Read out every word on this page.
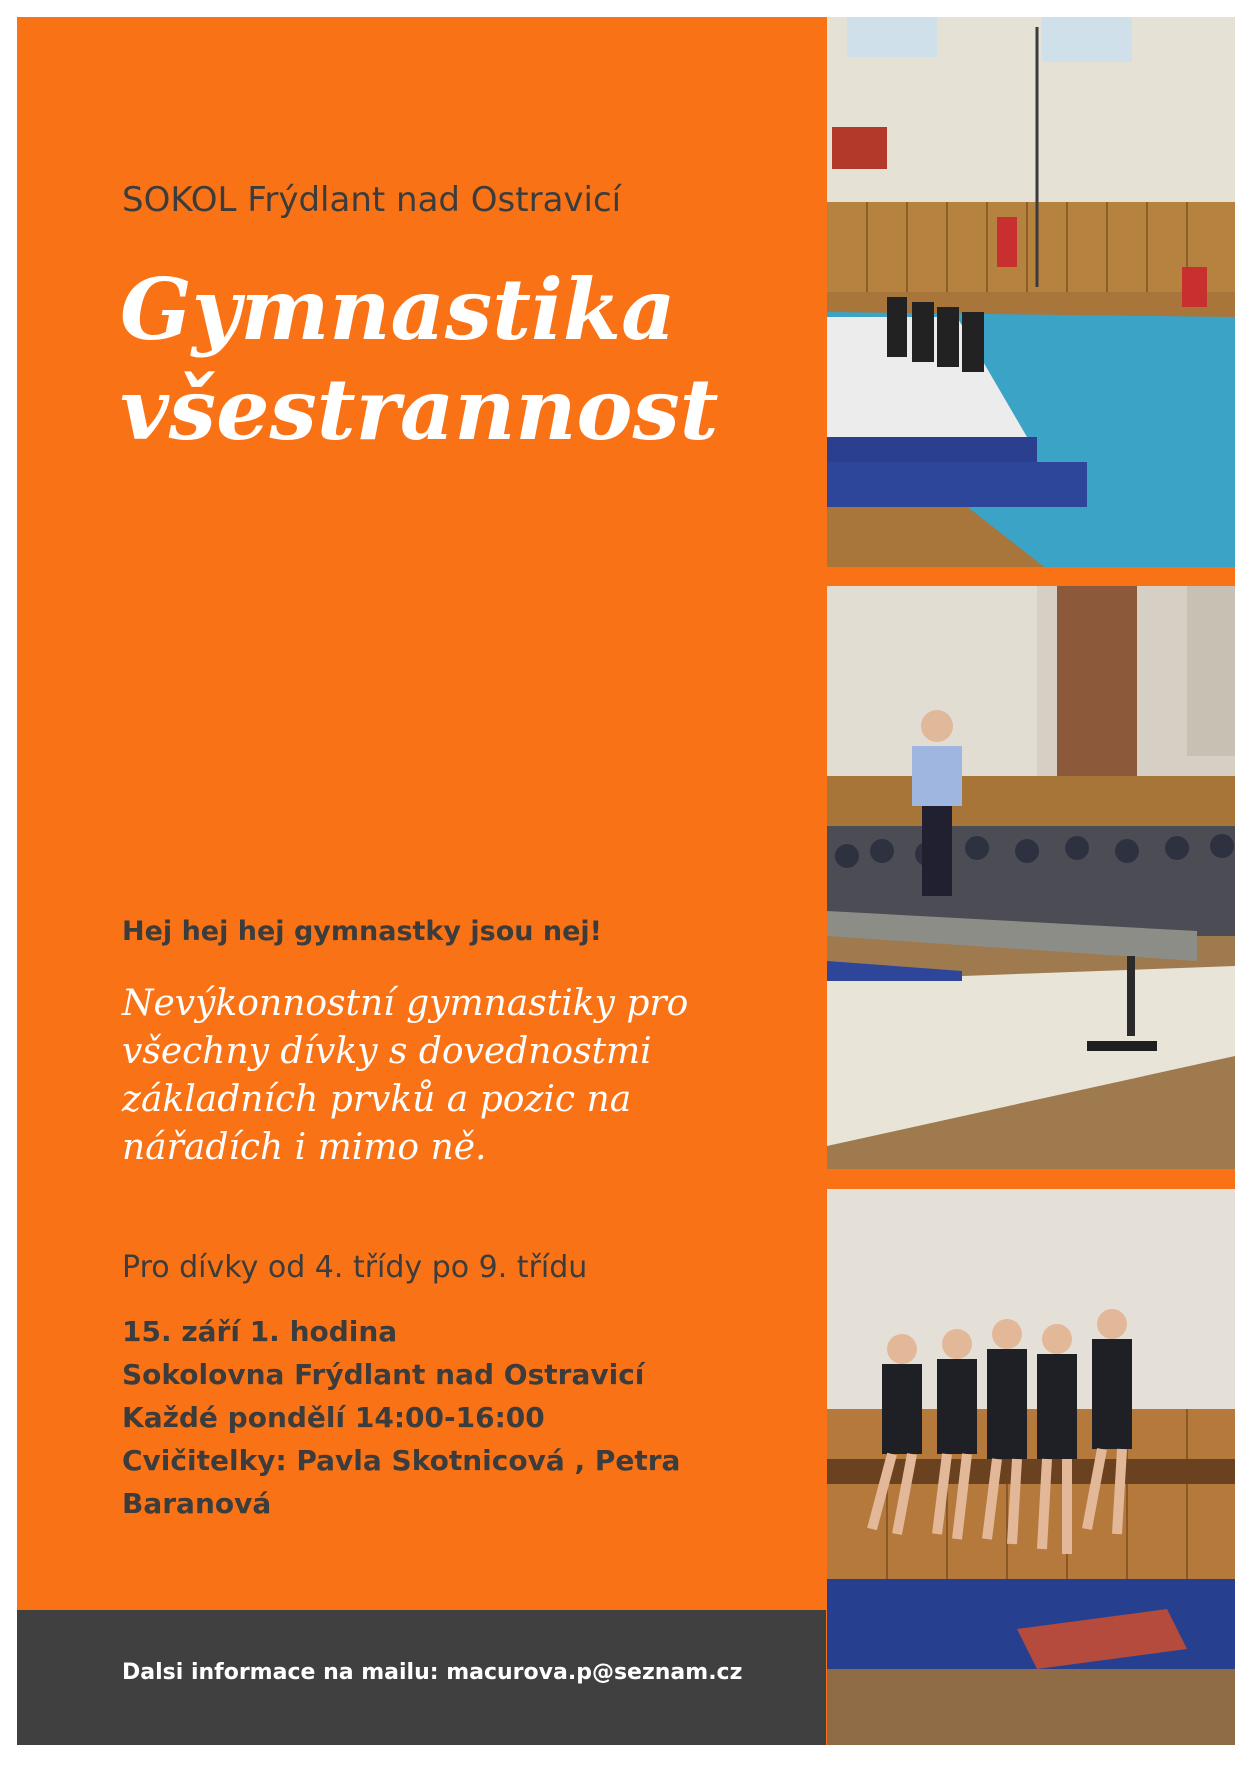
SOKOL Frýdlant nad Ostravicí
Gymnastika
všestrannost
Hej hej hej gymnastky jsou nej!
Nevýkonnostní gymnastiky pro
všechny dívky s dovednostmi
základních prvků a pozic na
nářadích i mimo ně.
Pro dívky od 4. třídy po 9. třídu
15. září 1. hodina
Sokolovna Frýdlant nad Ostravicí
Každé pondělí 14:00-16:00
Cvičitelky: Pavla Skotnicová , Petra
Baranová
Dalsi informace na mailu: macurova.p@seznam.cz
